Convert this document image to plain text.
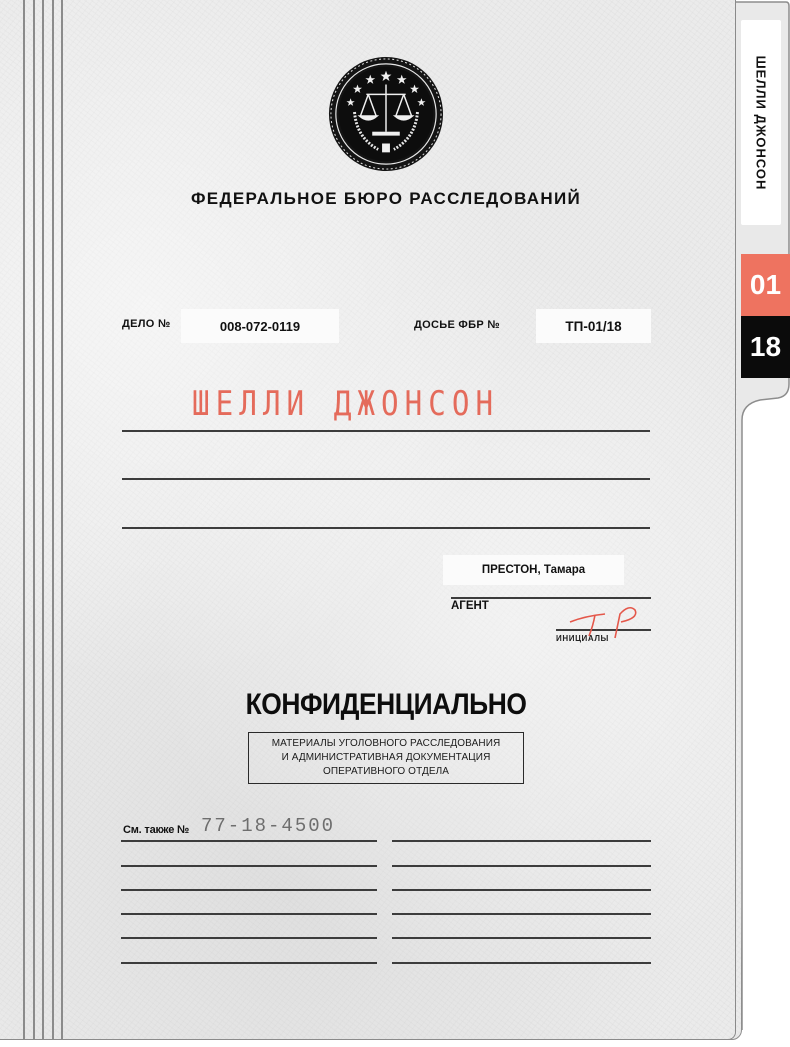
ШЕЛЛИ ДЖОНСОН
01
18
ФЕДЕРАЛЬНОЕ БЮРО РАССЛЕДОВАНИЙ
ДЕЛО №	008-072-0119	ДОСЬЕ ФБР №	ТП-01/18
ШЕЛЛИ ДЖОНСОН
ПРЕСТОН, Тамара
АГЕНТ
ИНИЦИАЛЫ
КОНФИДЕНЦИАЛЬНО
МАТЕРИАЛЫ УГОЛОВНОГО РАССЛЕДОВАНИЯ
И АДМИНИСТРАТИВНАЯ ДОКУМЕНТАЦИЯ
ОПЕРАТИВНОГО ОТДЕЛА
См. также № 77-18-4500
